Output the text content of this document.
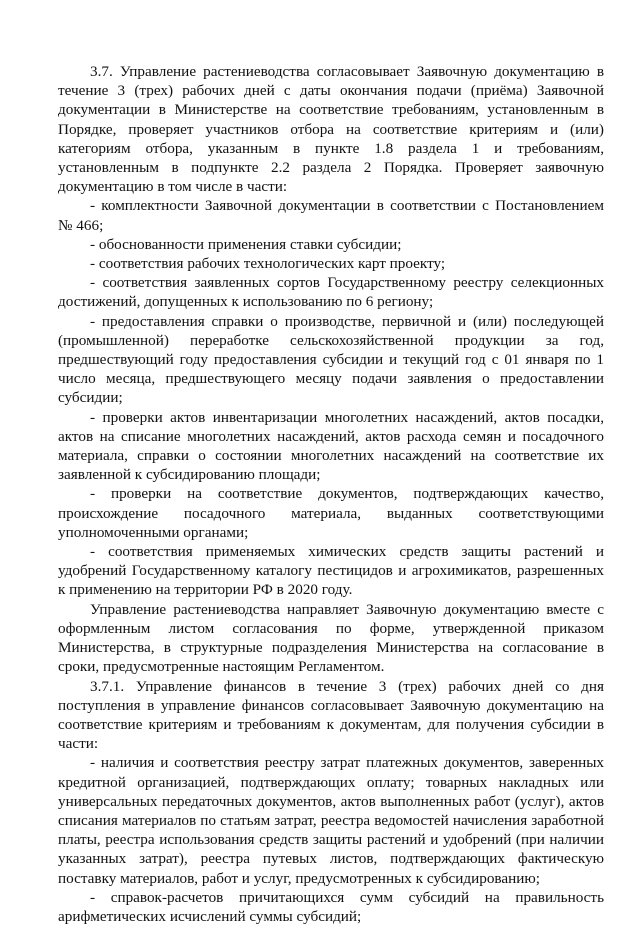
3.7. Управление растениеводства согласовывает Заявочную документацию в течение 3 (трех) рабочих дней с даты окончания подачи (приёма) Заявочной документации в Министерстве на соответствие требованиям, установленным в Порядке, проверяет участников отбора на соответствие критериям и (или) категориям отбора, указанным в пункте 1.8 раздела 1 и требованиям, установленным в подпункте 2.2 раздела 2 Порядка. Проверяет заявочную документацию в том числе в части:

- комплектности Заявочной документации в соответствии с Постановлением № 466;

- обоснованности применения ставки субсидии;

- соответствия рабочих технологических карт проекту;

- соответствия заявленных сортов Государственному реестру селекционных достижений, допущенных к использованию по 6 региону;

- предоставления справки о производстве, первичной и (или) последующей (промышленной) переработке сельскохозяйственной продукции за год, предшествующий году предоставления субсидии и текущий год с 01 января по 1 число месяца, предшествующего месяцу подачи заявления о предоставлении субсидии;

- проверки актов инвентаризации многолетних насаждений, актов посадки, актов на списание многолетних насаждений, актов расхода семян и посадочного материала, справки о состоянии многолетних насаждений на соответствие их заявленной к субсидированию площади;

- проверки на соответствие документов, подтверждающих качество, происхождение посадочного материала, выданных соответствующими уполномоченными органами;

- соответствия применяемых химических средств защиты растений и удобрений Государственному каталогу пестицидов и агрохимикатов, разрешенных к применению на территории РФ в 2020 году.

Управление растениеводства направляет Заявочную документацию вместе с оформленным листом согласования по форме, утвержденной приказом Министерства, в структурные подразделения Министерства на согласование в сроки, предусмотренные настоящим Регламентом.

3.7.1. Управление финансов в течение 3 (трех) рабочих дней со дня поступления в управление финансов согласовывает Заявочную документацию на соответствие критериям и требованиям к документам, для получения субсидии в части:

- наличия и соответствия реестру затрат платежных документов, заверенных кредитной организацией, подтверждающих оплату; товарных накладных или универсальных передаточных документов, актов выполненных работ (услуг), актов списания материалов по статьям затрат, реестра ведомостей начисления заработной платы, реестра использования средств защиты растений и удобрений (при наличии указанных затрат), реестра путевых листов, подтверждающих фактическую поставку материалов, работ и услуг, предусмотренных к субсидированию;

- справок-расчетов причитающихся сумм субсидий на правильность арифметических исчислений суммы субсидий;
